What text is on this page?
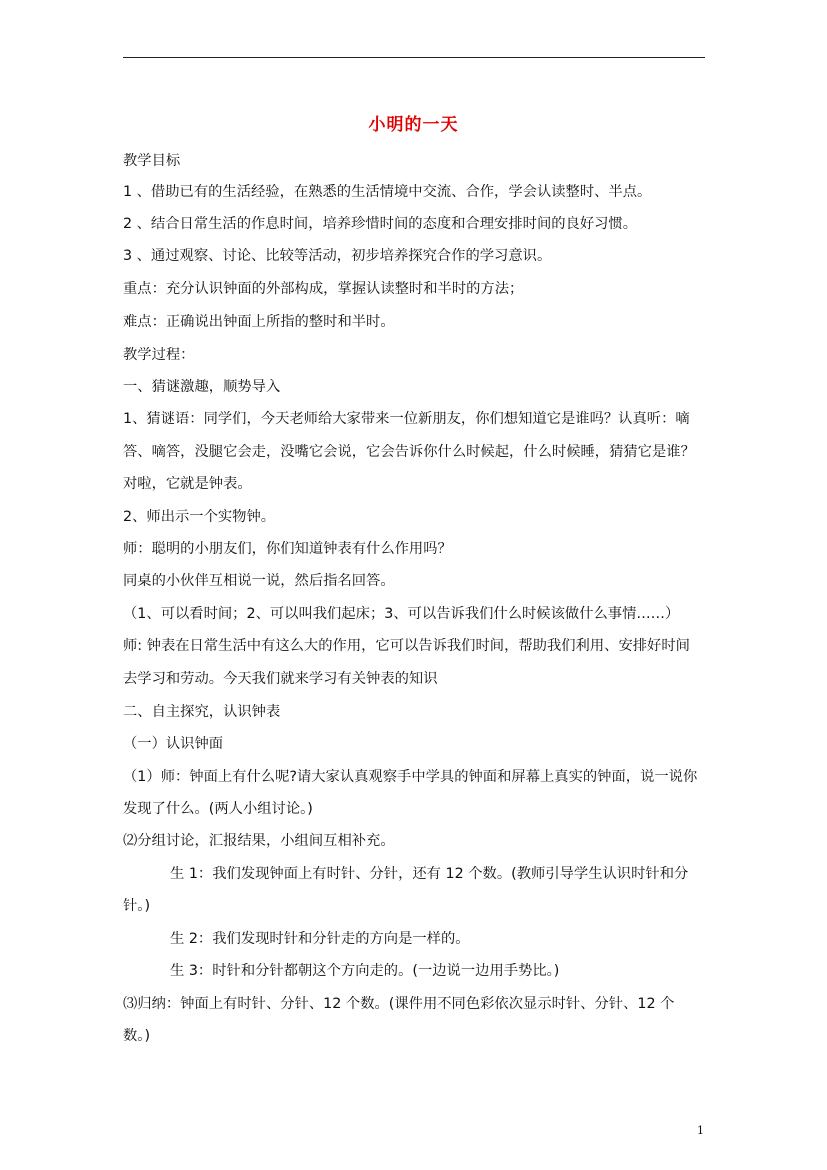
小明的一天
教学目标
1 、借助已有的生活经验，在熟悉的生活情境中交流、合作，学会认读整时、半点。
2 、结合日常生活的作息时间，培养珍惜时间的态度和合理安排时间的良好习惯。
3 、通过观察、讨论、比较等活动，初步培养探究合作的学习意识。
重点：充分认识钟面的外部构成，掌握认读整时和半时的方法；
难点：正确说出钟面上所指的整时和半时。
教学过程：
一、猜谜激趣，顺势导入
1、猜谜语：同学们，今天老师给大家带来一位新朋友，你们想知道它是谁吗？认真听：嘀
答、嘀答，没腿它会走，没嘴它会说，它会告诉你什么时候起，什么时候睡，猜猜它是谁？
对啦，它就是钟表。
2、师出示一个实物钟。
师：聪明的小朋友们，你们知道钟表有什么作用吗？
同桌的小伙伴互相说一说，然后指名回答。
（1、可以看时间；2、可以叫我们起床；3、可以告诉我们什么时候该做什么事情……）
师: 钟表在日常生活中有这么大的作用，它可以告诉我们时间，帮助我们利用、安排好时间
去学习和劳动。今天我们就来学习有关钟表的知识
二、自主探究，认识钟表
（一）认识钟面
（1）师：钟面上有什么呢?请大家认真观察手中学具的钟面和屏幕上真实的钟面，说一说你
发现了什么。(两人小组讨论。)
⑵分组讨论，汇报结果，小组间互相补充。
生 1：我们发现钟面上有时针、分针，还有 12 个数。(教师引导学生认识时针和分
针。)
生 2：我们发现时针和分针走的方向是一样的。
生 3：时针和分针都朝这个方向走的。(一边说一边用手势比。)
⑶归纳：钟面上有时针、分针、12 个数。(课件用不同色彩依次显示时针、分针、12 个
数。)
1
